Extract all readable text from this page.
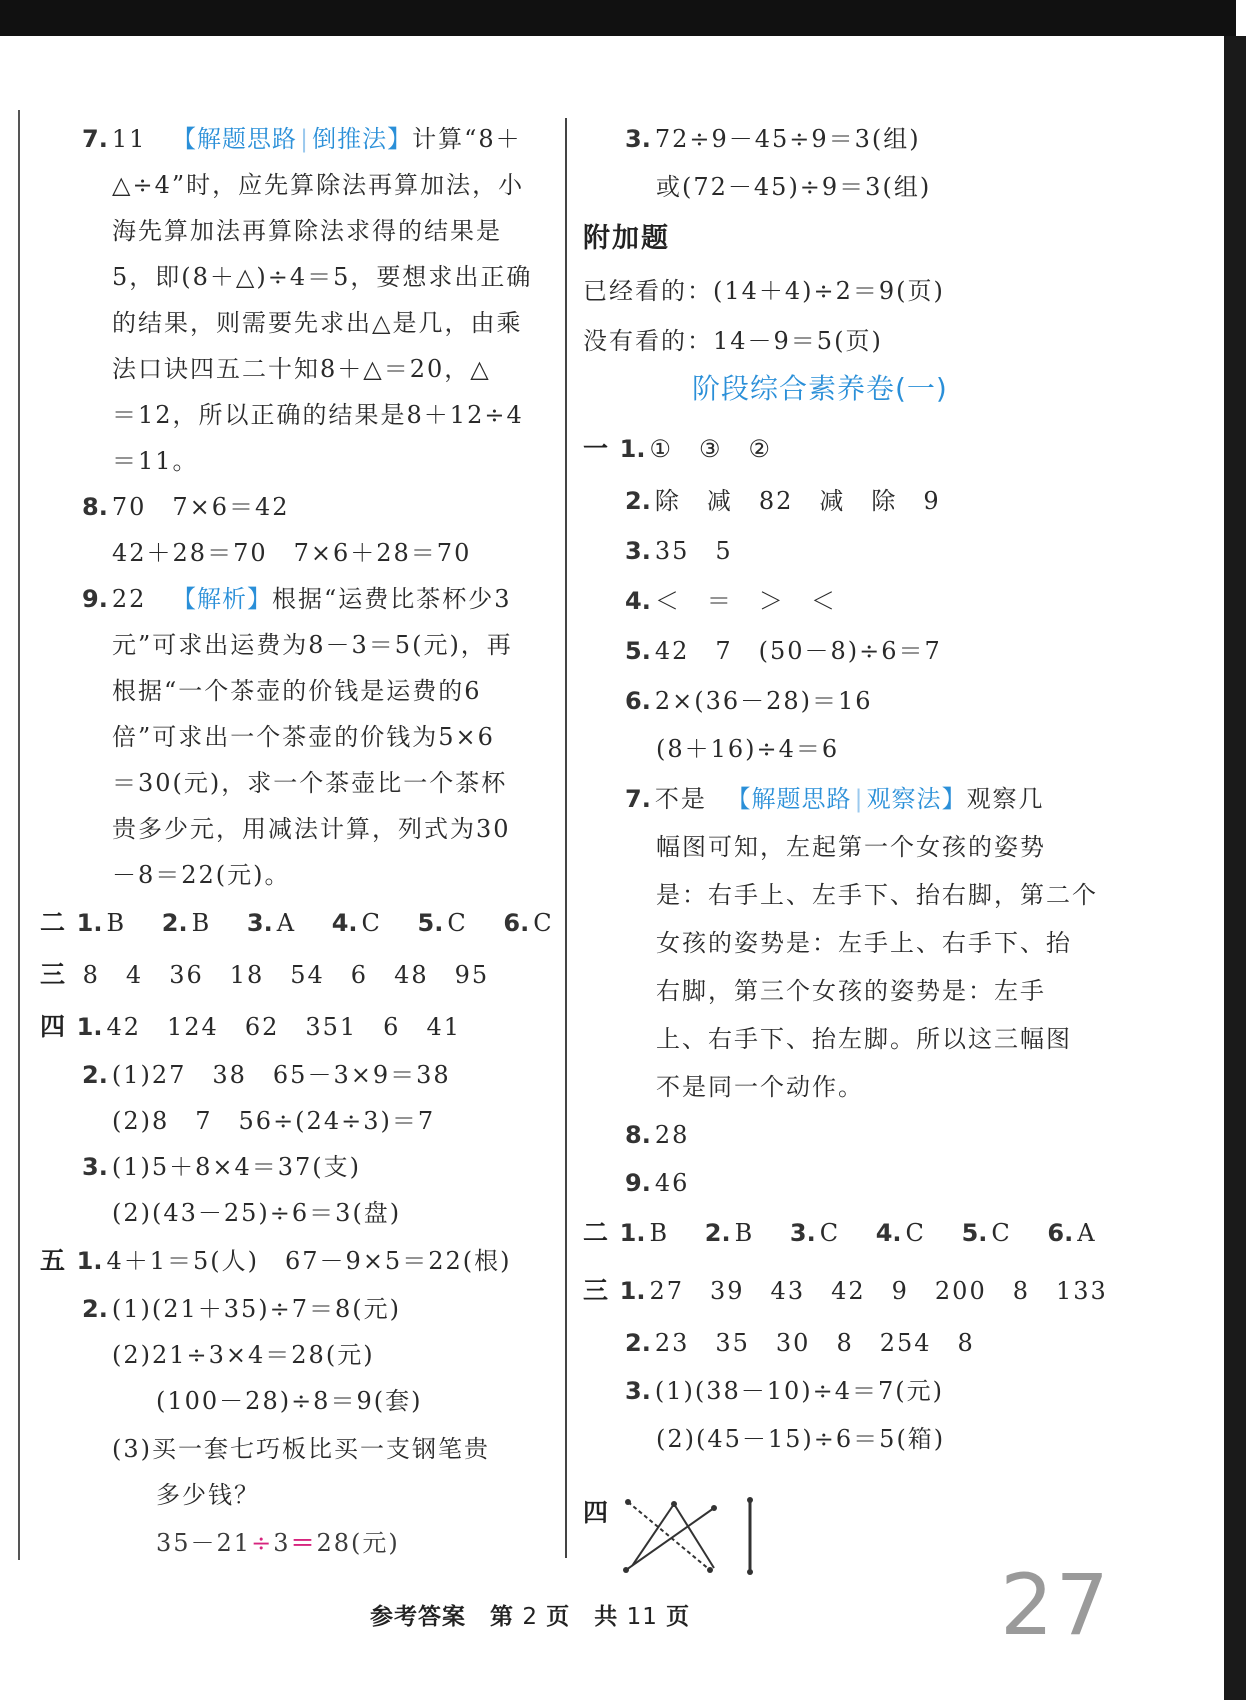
7. 11 【解题思路 | 倒推法】计算“8＋
△÷4”时，应先算除法再算加法，小
海先算加法再算除法求得的结果是
5，即(8＋△)÷4＝5，要想求出正确
的结果，则需要先求出△是几，由乘
法口诀四五二十知8＋△＝20，△
＝12，所以正确的结果是8＋12÷4
＝11。
8. 70　7×6＝42
42＋28＝70　7×6＋28＝70
9. 22 【解析】根据“运费比茶杯少3
元”可求出运费为8－3＝5(元)，再
根据“一个茶壶的价钱是运费的6
倍”可求出一个茶壶的价钱为5×6
＝30(元)，求一个茶壶比一个茶杯
贵多少元，用减法计算，列式为30
－8＝22(元)。
二 1. B　 2. B　 3. A　 4. C　 5. C　 6. C
三 8　4　36　18　54　6　48　95
四 1. 42　124　62　351　6　41
2. (1)27　38　65－3×9＝38
(2)8　7　56÷(24÷3)＝7
3. (1)5＋8×4＝37(支)
(2)(43－25)÷6＝3(盘)
五 1. 4＋1＝5(人)　67－9×5＝22(根)
2. (1)(21＋35)÷7＝8(元)
(2)21÷3×4＝28(元)
(100－28)÷8＝9(套)
(3)买一套七巧板比买一支钢笔贵
多少钱？
35－21÷3＝28(元)
3. 72÷9－45÷9＝3(组)
或(72－45)÷9＝3(组)
附加题
已经看的：(14＋4)÷2＝9(页)
没有看的：14－9＝5(页)
阶段综合素养卷(一)
一 1. ①　③　②
2. 除　减　82　减　除　9
3. 35　5
4. ＜　＝　＞　＜
5. 42　7　(50－8)÷6＝7
6. 2×(36－28)＝16
(8＋16)÷4＝6
7. 不是 【解题思路 | 观察法】观察几
幅图可知，左起第一个女孩的姿势
是：右手上、左手下、抬右脚，第二个
女孩的姿势是：左手上、右手下、抬
右脚，第三个女孩的姿势是：左手
上、右手下、抬左脚。所以这三幅图
不是同一个动作。
8. 28
9. 46
二 1. B　 2. B　 3. C　 4. C　 5. C　 6. A
三 1. 27　39　43　42　9　200　8　133
2. 23　35　30　8　254　8
3. (1)(38－10)÷4＝7(元)
(2)(45－15)÷6＝5(箱)
四
参考答案　 第 2 页　 共 11 页	27
